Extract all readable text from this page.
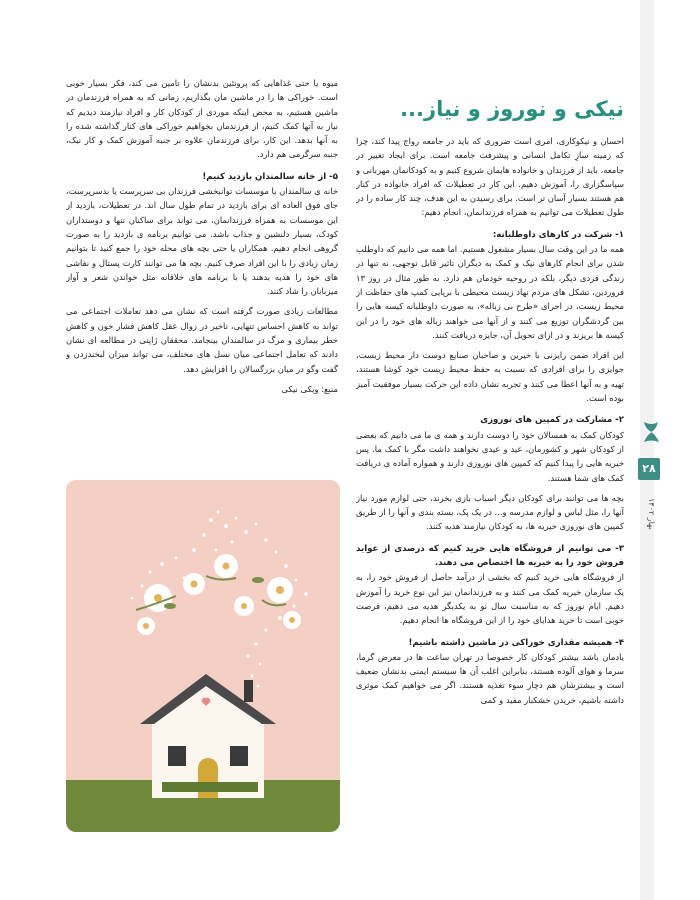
نیکی و نوروز و نیاز...

احسان و نیکوکاری، امری است ضروری که باید در جامعه رواج پیدا کند، چرا که زمینه سازِ تکامل انسانی و پیشرفت جامعه است. برای ایجاد تغییر در جامعه، باید از فرزندان و خانواده هایمان شروع کنیم و به کودکانمان مهربانی و سپاسگزاری را، آموزش دهیم. این کار در تعطیلات که افراد خانواده در کنار هم هستند بسیار آسان تر است. برای رسیدن به این هدف، چند کار ساده را در طول تعطیلات می توانیم به همراه فرزندانمان، انجام دهیم:

۱- شرکت در کارهای داوطلبانه:

همه ما در این وقت سال بسیار مشغول هستیم. اما همه می دانیم که داوطلب شدن برای انجام کارهای نیک و کمک به دیگران تاثیر قابل توجهی، نه تنها در زندگی فردی دیگر، بلکه در روحیه خودمان هم دارد. به طور مثال در روز ۱۳ فروردین، تشکل های مردم نهاد زیست محیطی با برپایی کمپ های حفاظت از محیط زیست، در اجرای «طرح بی زباله»، به صورت داوطلبانه کیسه هایی را بین گردشگران توزیع می کنند و از آنها می خواهند زباله های خود را در این کیسه ها بریزند و در ازای تحویل آن، جایزه دریافت کنند.

این افراد ضمن رایزنی با خیرین و صاحبان صنایع دوست دار محیط زیست، جوایزی را برای افرادی که نسبت به حفظ محیط زیست خود کوشا هستند، تهیه و به آنها اعطا می کنند و تجربه نشان داده این حرکت بسیار موفقیت آمیز بوده است.

۲- مشارکت در کمپین های نوروزی

کودکان کمک به همسالان خود را دوست دارند و همه ی ما می دانیم که بعضی از کودکان شهر و کشورمان، عید و عیدی نخواهند داشت مگر با کمک ما. پس خیریه هایی را پیدا کنیم که کمپین های نوروزی دارند و همواره آماده ی دریافت کمک های شما هستند.

بچه ها می توانند برای کودکان دیگر اسباب بازی بخرند، حتی لوازم مورد نیاز آنها را، مثل لباس و لوازم مدرسه و... در یک پک، بسته بندی و آنها را از طریق کمپین های نوروزی خیریه ها، به کودکان نیازمند هدیه کنند.

۳- می توانیم از فروشگاه هایی خرید کنیم که درصدی از عواید فروش خود را به خیریه ها اختصاص می دهند.

از فروشگاه هایی خرید کنیم که بخشی از درآمد حاصل از فروش خود را، به یک سازمان خیریه کمک می کنند و به فرزندانمان نیز این نوع خرید را آموزش دهیم. ایام نوروز که به مناسبت سال نو به یکدیگر هدیه می دهیم، فرصت خوبی است تا خرید هدایای خود را از این فروشگاه ها انجام دهیم.

۴- همیشه مقداری خوراکی در ماشین داشته باشیم!

یادمان باشد بیشتر کودکان کار خصوصا در تهران ساعت ها در معرض گرما، سرما و هوای آلوده هستند، بنابراین اغلب آن ها سیستم ایمنی بدنشان ضعیف است و بیشترشان هم دچار سوء تغذیه هستند. اگر می خواهیم کمک موثری داشته باشیم، خریدن خشکبار مفید و کمی

میوه یا حتی غذاهایی که پروتئین بدنشان را تامین می کند، فکر بسیار خوبی است. خوراکی ها را در ماشین مان بگذاریم، زمانی که به همراه فرزندمان در ماشین هستیم، به محض اینکه موردی از کودکان کار و افراد نیازمند دیدیم که نیاز به آنها کمک کنیم، از فرزندمان بخواهیم خوراکی های کنار گذاشته شده را به آنها بدهد. این کار، برای فرزندمان علاوه بر جنبه آموزش کمک و کار نیک، جنبه سرگرمی هم دارد.

۵- از خانه سالمندان بازدید کنیم!

خانه ی سالمندان یا موسسات توانبخشی فرزندان بی سرپرست یا بدسرپرست، جای فوق العاده ای برای بازدید در تمام طول سال اند. در تعطیلات، بازدید از این موسسات به همراه فرزندانمان، می تواند برای ساکنان تنها و دوستداران کودک، بسیار دلنشین و جذاب باشد. می توانیم برنامه ی بازدید را به صورت گروهی انجام دهیم. همکاران یا حتی بچه های محله خود را جمع کنید تا بتوانیم زمان زیادی را با این افراد صرف کنیم. بچه ها می توانند کارت پستال و نقاشی های خود را هدیه بدهند یا با برنامه های خلاقانه مثل خواندن شعر و آواز میزبانان را شاد کنند.

مطالعات زیادی صورت گرفته است که نشان می دهد تعاملات اجتماعی می تواند به کاهش احساس تنهایی، تاخیر در زوال عقل کاهش فشار خون و کاهش خطر بیماری و مرگ در سالمندان بینجامد. محققان ژاپنی در مطالعه ای نشان دادند که تعامل اجتماعی میان نسل های مختلف، می تواند میزان لبخندزدن و گفت وگو در میان بزرگسالان را افزایش دهد.

منبع: ویکی نیکی
۲۸
بهار ۱۴۰۲
